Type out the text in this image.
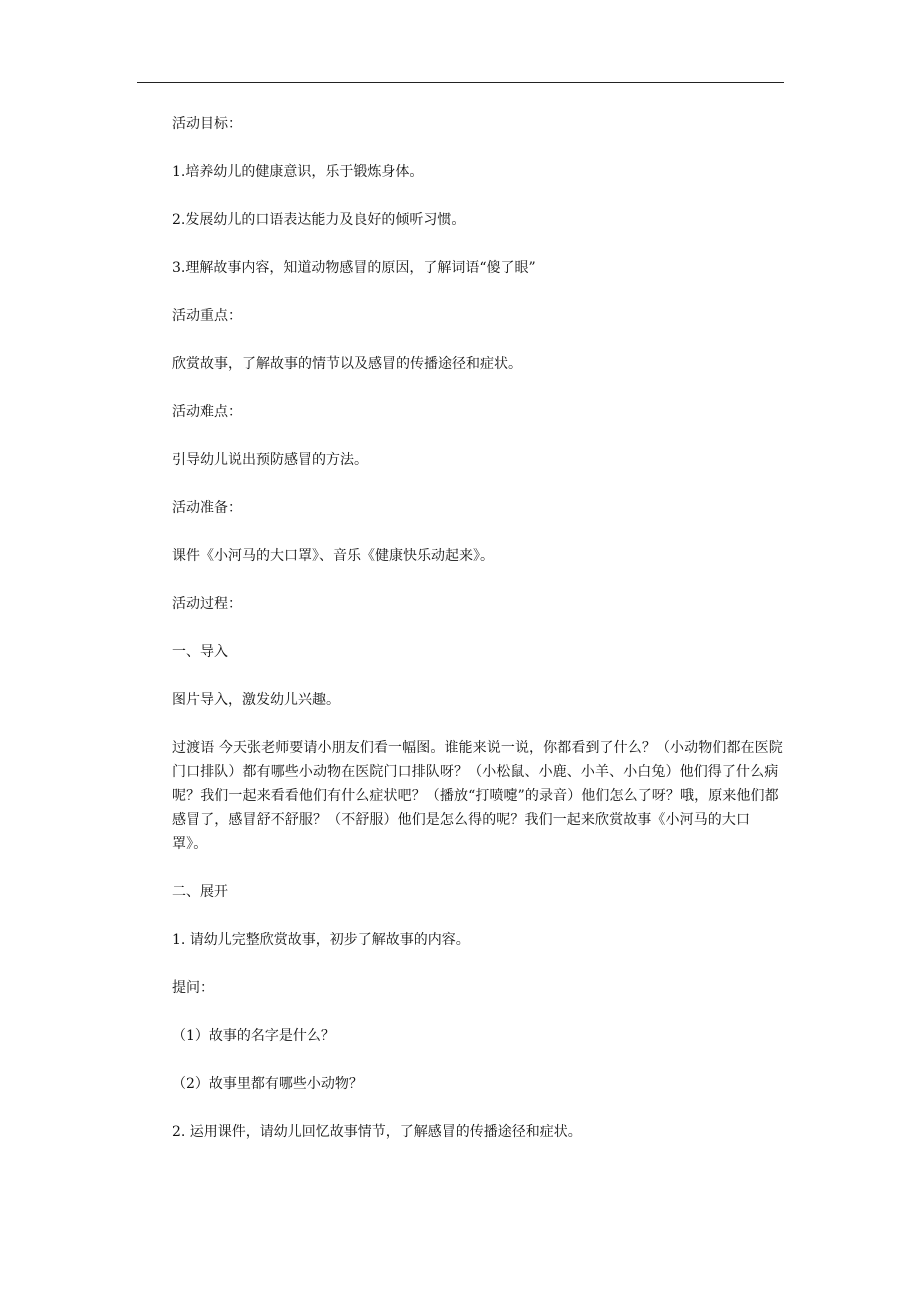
活动目标：
1.培养幼儿的健康意识，乐于锻炼身体。
2.发展幼儿的口语表达能力及良好的倾听习惯。
3.理解故事内容，知道动物感冒的原因，了解词语“傻了眼”
活动重点：
欣赏故事，了解故事的情节以及感冒的传播途径和症状。
活动难点：
引导幼儿说出预防感冒的方法。
活动准备：
课件《小河马的大口罩》、音乐《健康快乐动起来》。
活动过程：
一、导入
图片导入，激发幼儿兴趣。
过渡语 今天张老师要请小朋友们看一幅图。谁能来说一说，你都看到了什么？（小动物们都在医院门口排队）都有哪些小动物在医院门口排队呀？（小松鼠、小鹿、小羊、小白兔）他们得了什么病呢？我们一起来看看他们有什么症状吧？（播放“打喷嚏”的录音）他们怎么了呀？哦，原来他们都感冒了，感冒舒不舒服？（不舒服）他们是怎么得的呢？我们一起来欣赏故事《小河马的大口罩》。
二、展开
1. 请幼儿完整欣赏故事，初步了解故事的内容。
提问：
（1）故事的名字是什么？
（2）故事里都有哪些小动物？
2. 运用课件，请幼儿回忆故事情节，了解感冒的传播途径和症状。
